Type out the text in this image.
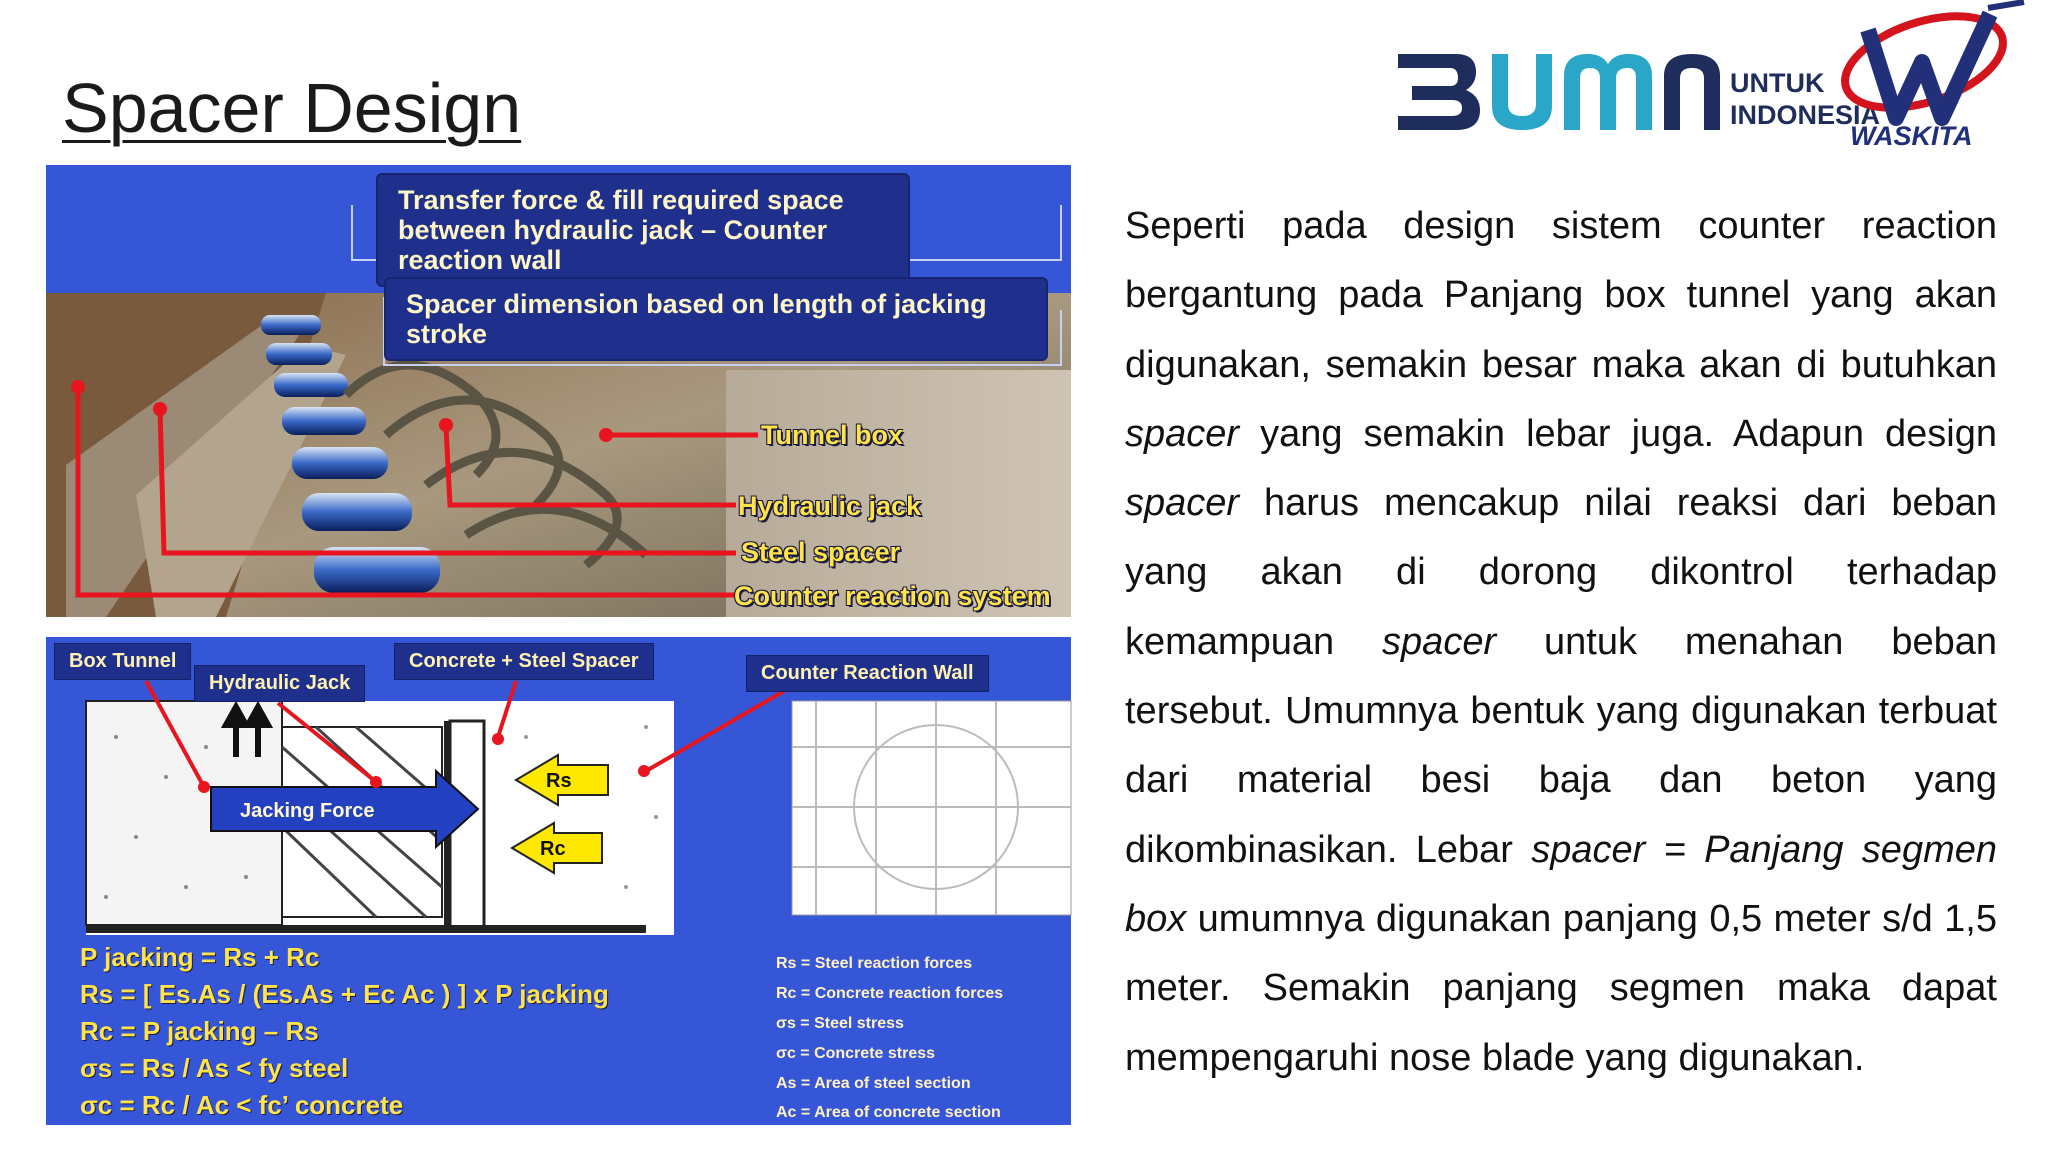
Spacer Design	UNTUK
INDONESIA
WASKITA
Transfer force & fill required space between hydraulic jack – Counter reaction wall
Spacer dimension based on length of jacking stroke
Tunnel box
Hydraulic jack
Steel spacer
Counter reaction system
Jacking Force
Rs
Rc
Box Tunnel
Hydraulic Jack
Concrete + Steel Spacer
Counter Reaction Wall
P jacking = Rs + Rc
Rs = [ Es.As / (Es.As + Ec Ac ) ] x P jacking
Rc = P jacking – Rs
σs = Rs / As < fy steel
σc = Rc / Ac < fc’ concrete
Rs = Steel reaction forces
Rc = Concrete reaction forces
σs = Steel stress
σc = Concrete stress
As = Area of steel section
Ac = Area of concrete section
Seperti pada design sistem counter reaction bergantung pada Panjang box tunnel yang akan digunakan, semakin besar maka akan di butuhkan spacer yang semakin lebar juga. Adapun design spacer harus mencakup nilai reaksi dari beban yang akan di dorong dikontrol terhadap kemampuan spacer untuk menahan beban tersebut. Umumnya bentuk yang digunakan terbuat dari material besi baja dan beton yang dikombinasikan. Lebar spacer = Panjang segmen box umumnya digunakan panjang 0,5 meter s/d 1,5 meter. Semakin panjang segmen maka dapat mempengaruhi nose blade yang digunakan.
